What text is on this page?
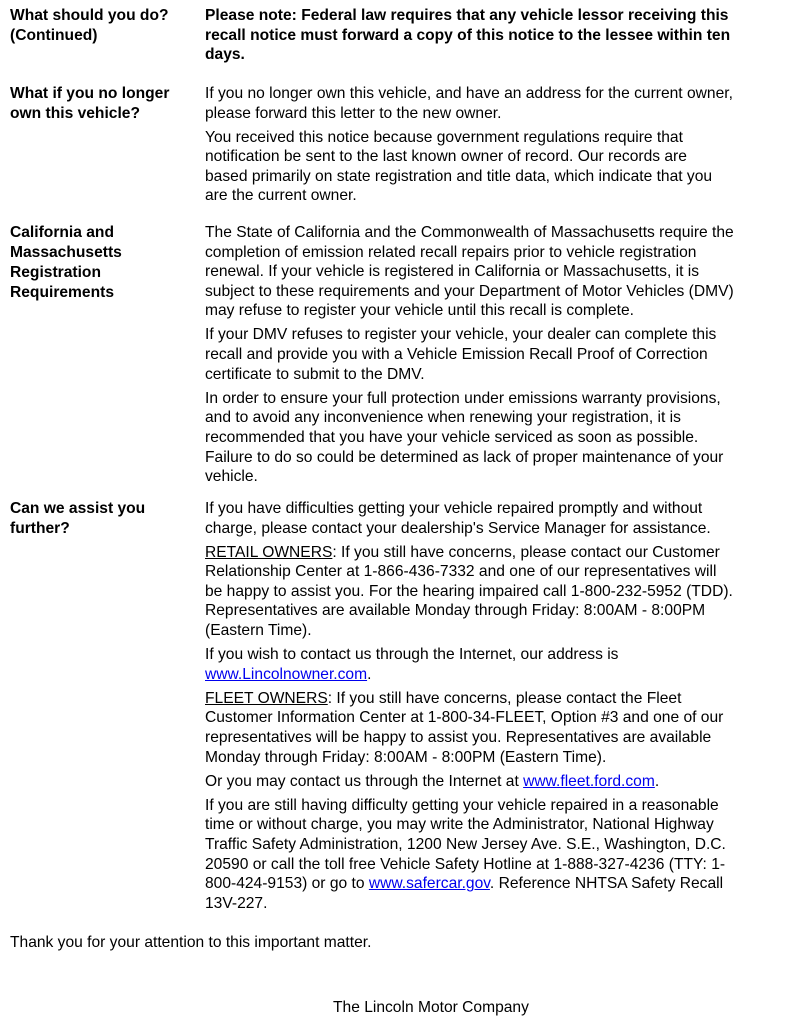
What should you do?
(Continued)

Please note: Federal law requires that any vehicle lessor receiving this
recall notice must forward a copy of this notice to the lessee within ten
days.

What if you no longer
own this vehicle?

If you no longer own this vehicle, and have an address for the current owner,
please forward this letter to the new owner.

You received this notice because government regulations require that
notification be sent to the last known owner of record. Our records are
based primarily on state registration and title data, which indicate that you
are the current owner.

California and
Massachusetts
Registration
Requirements

The State of California and the Commonwealth of Massachusetts require the
completion of emission related recall repairs prior to vehicle registration
renewal. If your vehicle is registered in California or Massachusetts, it is
subject to these requirements and your Department of Motor Vehicles (DMV)
may refuse to register your vehicle until this recall is complete.

If your DMV refuses to register your vehicle, your dealer can complete this
recall and provide you with a Vehicle Emission Recall Proof of Correction
certificate to submit to the DMV.

In order to ensure your full protection under emissions warranty provisions,
and to avoid any inconvenience when renewing your registration, it is
recommended that you have your vehicle serviced as soon as possible.
Failure to do so could be determined as lack of proper maintenance of your
vehicle.

Can we assist you
further?

If you have difficulties getting your vehicle repaired promptly and without
charge, please contact your dealership's Service Manager for assistance.

RETAIL OWNERS: If you still have concerns, please contact our Customer
Relationship Center at 1-866-436-7332 and one of our representatives will
be happy to assist you. For the hearing impaired call 1-800-232-5952 (TDD).
Representatives are available Monday through Friday: 8:00AM - 8:00PM
(Eastern Time).

If you wish to contact us through the Internet, our address is
www.Lincolnowner.com.

FLEET OWNERS: If you still have concerns, please contact the Fleet
Customer Information Center at 1-800-34-FLEET, Option #3 and one of our
representatives will be happy to assist you. Representatives are available
Monday through Friday: 8:00AM - 8:00PM (Eastern Time).

Or you may contact us through the Internet at www.fleet.ford.com.

If you are still having difficulty getting your vehicle repaired in a reasonable
time or without charge, you may write the Administrator, National Highway
Traffic Safety Administration, 1200 New Jersey Ave. S.E., Washington, D.C.
20590 or call the toll free Vehicle Safety Hotline at 1-888-327-4236 (TTY: 1-
800-424-9153) or go to www.safercar.gov. Reference NHTSA Safety Recall
13V-227.

Thank you for your attention to this important matter.

The Lincoln Motor Company
